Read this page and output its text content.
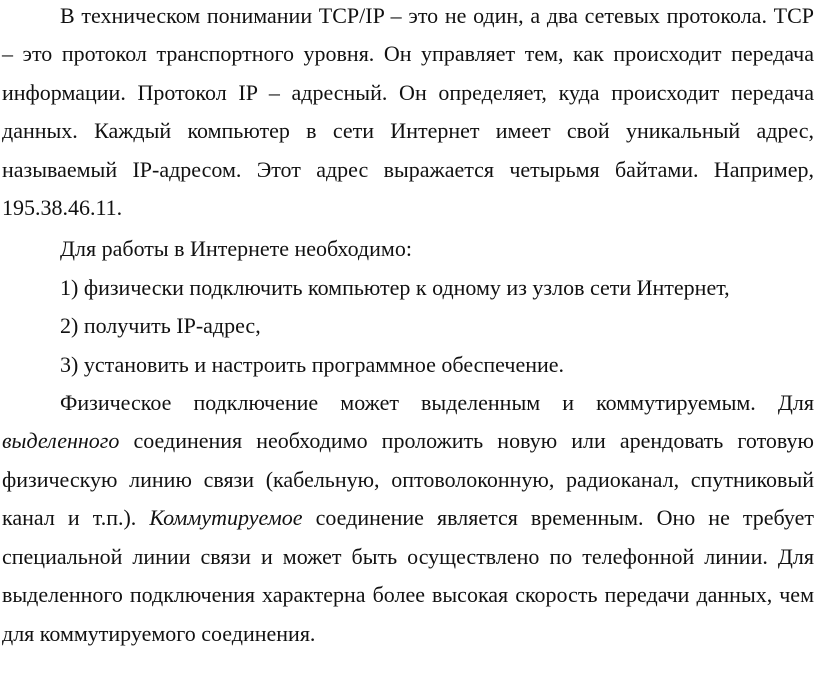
В техническом понимании TCP/IP – это не один, а два сетевых протокола. TCP – это протокол транспортного уровня. Он управляет тем, как происходит передача информации. Протокол IP – адресный. Он определяет, куда происходит передача данных. Каждый компьютер в сети Интернет имеет свой уникальный адрес, называемый IP-адресом. Этот адрес выражается четырьмя байтами. Например, 195.38.46.11.

Для работы в Интернете необходимо:

1) физически подключить компьютер к одному из узлов сети Интернет,

2) получить IP-адрес,

3) установить и настроить программное обеспечение.

Физическое подключение может выделенным и коммутируемым. Для выделенного соединения необходимо проложить новую или арендовать готовую физическую линию связи (кабельную, оптоволоконную, радиоканал, спутниковый канал и т.п.). Коммутируемое соединение является временным. Оно не требует специальной линии связи и может быть осуществлено по телефонной линии. Для выделенного подключения характерна более высокая скорость передачи данных, чем для коммутируемого соединения.
